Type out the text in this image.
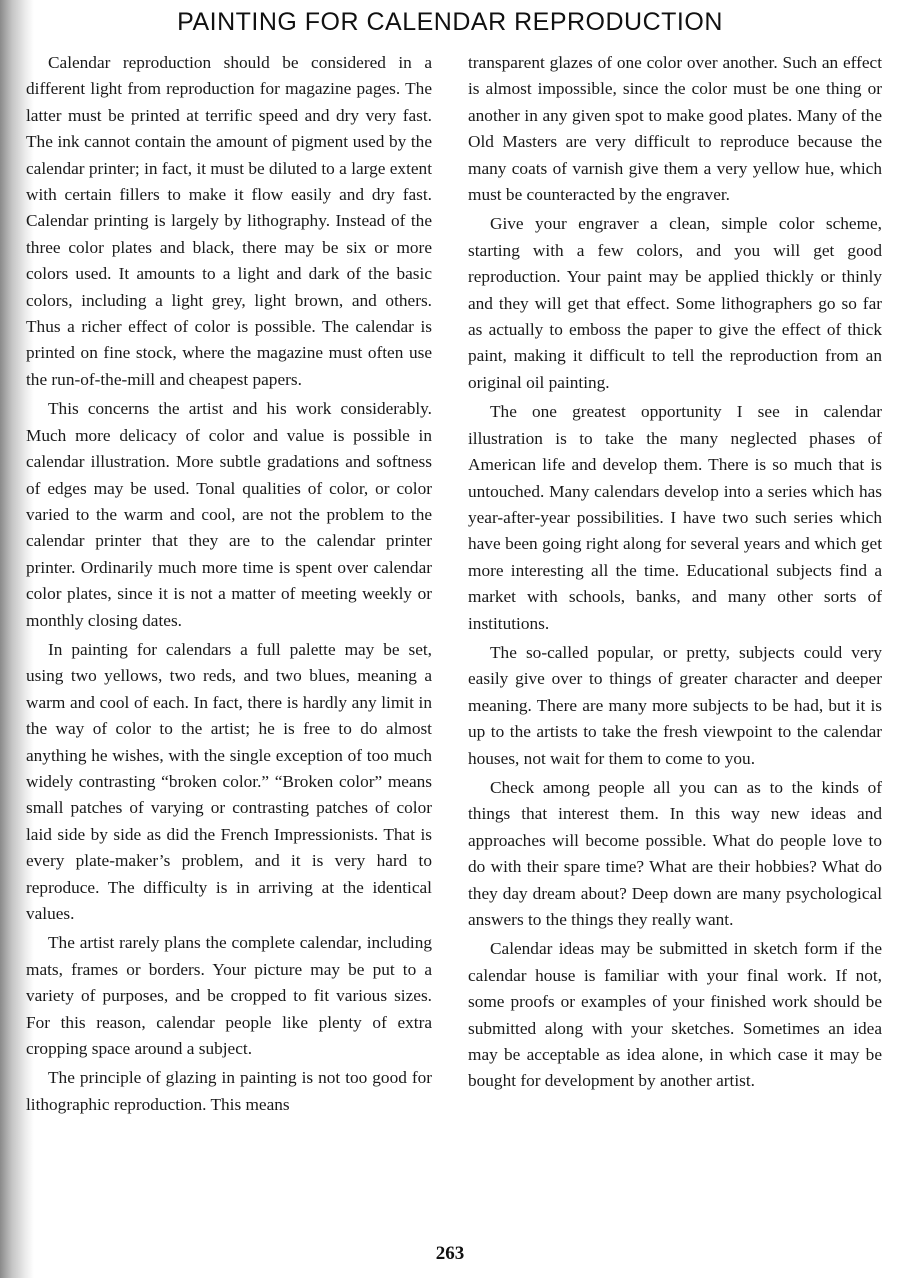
PAINTING FOR CALENDAR REPRODUCTION

Calendar reproduction should be considered in a different light from reproduction for magazine pages. The latter must be printed at terrific speed and dry very fast. The ink cannot contain the amount of pigment used by the calendar printer; in fact, it must be diluted to a large extent with certain fillers to make it flow easily and dry fast. Calendar printing is largely by lithography. Instead of the three color plates and black, there may be six or more colors used. It amounts to a light and dark of the basic colors, including a light grey, light brown, and others. Thus a richer effect of color is possible. The calendar is printed on fine stock, where the magazine must often use the run-of-the-mill and cheapest papers.

This concerns the artist and his work considerably. Much more delicacy of color and value is possible in calendar illustration. More subtle gradations and softness of edges may be used. Tonal qualities of color, or color varied to the warm and cool, are not the problem to the calendar printer that they are to the calendar printer printer. Ordinarily much more time is spent over calendar color plates, since it is not a matter of meeting weekly or monthly closing dates.

In painting for calendars a full palette may be set, using two yellows, two reds, and two blues, meaning a warm and cool of each. In fact, there is hardly any limit in the way of color to the artist; he is free to do almost anything he wishes, with the single exception of too much widely contrasting “broken color.” “Broken color” means small patches of varying or contrasting patches of color laid side by side as did the French Impressionists. That is every plate-maker’s problem, and it is very hard to reproduce. The difficulty is in arriving at the identical values.

The artist rarely plans the complete calendar, including mats, frames or borders. Your picture may be put to a variety of purposes, and be cropped to fit various sizes. For this reason, calendar people like plenty of extra cropping space around a subject.

The principle of glazing in painting is not too good for lithographic reproduction. This means

transparent glazes of one color over another. Such an effect is almost impossible, since the color must be one thing or another in any given spot to make good plates. Many of the Old Masters are very difficult to reproduce because the many coats of varnish give them a very yellow hue, which must be counteracted by the engraver.

Give your engraver a clean, simple color scheme, starting with a few colors, and you will get good reproduction. Your paint may be applied thickly or thinly and they will get that effect. Some lithographers go so far as actually to emboss the paper to give the effect of thick paint, making it difficult to tell the reproduction from an original oil painting.

The one greatest opportunity I see in calendar illustration is to take the many neglected phases of American life and develop them. There is so much that is untouched. Many calendars develop into a series which has year-after-year possibilities. I have two such series which have been going right along for several years and which get more interesting all the time. Educational subjects find a market with schools, banks, and many other sorts of institutions.

The so-called popular, or pretty, subjects could very easily give over to things of greater character and deeper meaning. There are many more subjects to be had, but it is up to the artists to take the fresh viewpoint to the calendar houses, not wait for them to come to you.

Check among people all you can as to the kinds of things that interest them. In this way new ideas and approaches will become possible. What do people love to do with their spare time? What are their hobbies? What do they day dream about? Deep down are many psychological answers to the things they really want.

Calendar ideas may be submitted in sketch form if the calendar house is familiar with your final work. If not, some proofs or examples of your finished work should be submitted along with your sketches. Sometimes an idea may be acceptable as idea alone, in which case it may be bought for development by another artist.

263
